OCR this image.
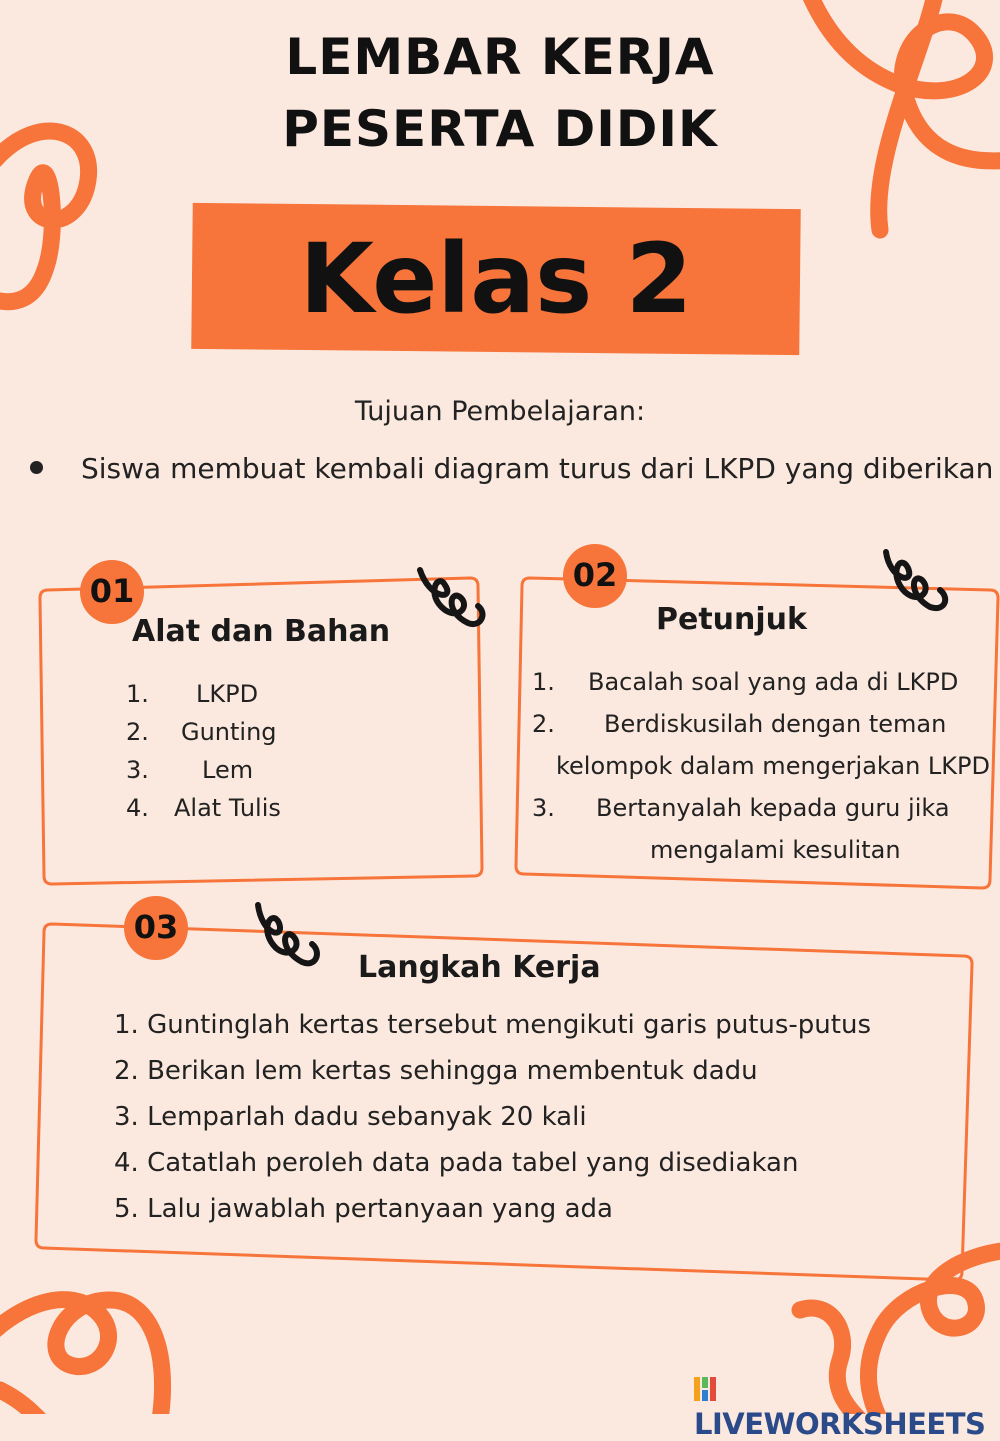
LEMBAR KERJA
PESERTA DIDIK
Kelas 2
Tujuan Pembelajaran:
Siswa membuat kembali diagram turus dari LKPD yang diberikan
01
Alat dan Bahan
1. LKPD
2. Gunting
3. Lem
4. Alat Tulis
02
Petunjuk
1. Bacalah soal yang ada di LKPD
2. Berdiskusilah dengan teman
kelompok dalam mengerjakan LKPD
3. Bertanyalah kepada guru jika
mengalami kesulitan
03
Langkah Kerja
1. Guntinglah kertas tersebut mengikuti garis putus-putus
2. Berikan lem kertas sehingga membentuk dadu
3. Lemparlah dadu sebanyak 20 kali
4. Catatlah peroleh data pada tabel yang disediakan
5. Lalu jawablah pertanyaan yang ada
LIVEWORKSHEETS
